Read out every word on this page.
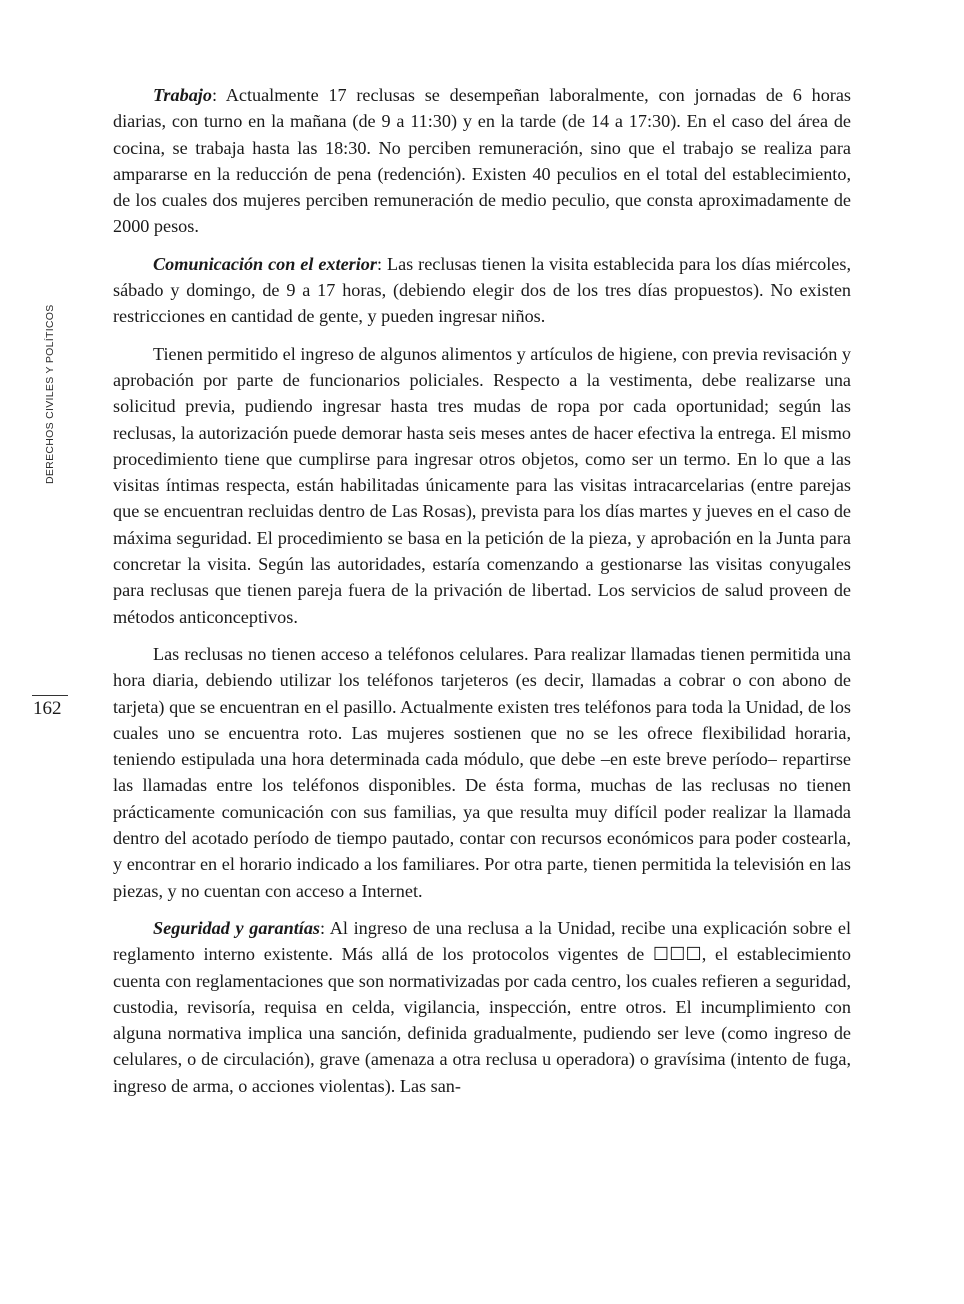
DERECHOS CIVILES Y POLÍTICOS
162

Trabajo: Actualmente 17 reclusas se desempeñan laboralmente, con jornadas de 6 horas diarias, con turno en la mañana (de 9 a 11:30) y en la tarde (de 14 a 17:30). En el caso del área de cocina, se trabaja hasta las 18:30. No perciben remuneración, sino que el trabajo se realiza para ampararse en la reducción de pena (redención). Existen 40 peculios en el total del establecimiento, de los cuales dos mujeres perciben remuneración de medio peculio, que consta aproximadamente de 2000 pesos.

Comunicación con el exterior: Las reclusas tienen la visita establecida para los días miércoles, sábado y domingo, de 9 a 17 horas, (debiendo elegir dos de los tres días propuestos). No existen restricciones en cantidad de gente, y pueden ingresar niños.

Tienen permitido el ingreso de algunos alimentos y artículos de higiene, con previa revisación y aprobación por parte de funcionarios policiales. Respecto a la vestimenta, debe realizarse una solicitud previa, pudiendo ingresar hasta tres mudas de ropa por cada oportunidad; según las reclusas, la autorización puede demorar hasta seis meses antes de hacer efectiva la entrega. El mismo procedimiento tiene que cumplirse para ingresar otros objetos, como ser un termo. En lo que a las visitas íntimas respecta, están habilitadas únicamente para las visitas intracarcelarias (entre parejas que se encuentran recluidas dentro de Las Rosas), prevista para los días martes y jueves en el caso de máxima seguridad. El procedimiento se basa en la petición de la pieza, y aprobación en la Junta para concretar la visita. Según las autoridades, estaría comenzando a gestionarse las visitas conyugales para reclusas que tienen pareja fuera de la privación de libertad. Los servicios de salud proveen de métodos anticonceptivos.

Las reclusas no tienen acceso a teléfonos celulares. Para realizar llamadas tienen permitida una hora diaria, debiendo utilizar los teléfonos tarjeteros (es decir, llamadas a cobrar o con abono de tarjeta) que se encuentran en el pasillo. Actualmente existen tres teléfonos para toda la Unidad, de los cuales uno se encuentra roto. Las mujeres sostienen que no se les ofrece flexibilidad horaria, teniendo estipulada una hora determinada cada módulo, que debe –en este breve período– repartirse las llamadas entre los teléfonos disponibles. De ésta forma, muchas de las reclusas no tienen prácticamente comunicación con sus familias, ya que resulta muy difícil poder realizar la llamada dentro del acotado período de tiempo pautado, contar con recursos económicos para poder costearla, y encontrar en el horario indicado a los familiares. Por otra parte, tienen permitida la televisión en las piezas, y no cuentan con acceso a Internet.

Seguridad y garantías: Al ingreso de una reclusa a la Unidad, recibe una explicación sobre el reglamento interno existente. Más allá de los protocolos vigentes de ☐☐☐, el establecimiento cuenta con reglamentaciones que son normativizadas por cada centro, los cuales refieren a seguridad, custodia, revisoría, requisa en celda, vigilancia, inspección, entre otros. El incumplimiento con alguna normativa implica una sanción, definida gradualmente, pudiendo ser leve (como ingreso de celulares, o de circulación), grave (amenaza a otra reclusa u operadora) o gravísima (intento de fuga, ingreso de arma, o acciones violentas). Las san-
